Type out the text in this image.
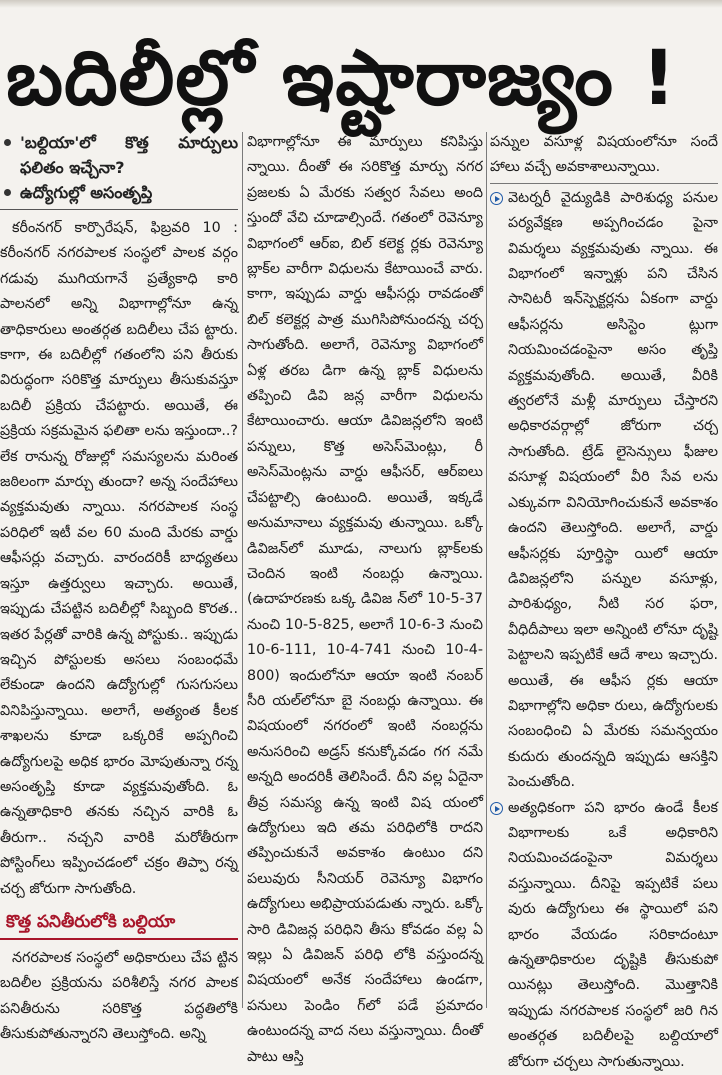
బదిలీల్లో ఇష్టారాజ్యం !
'బల్దియా'లో కొత్త మార్పులు ఫలితం ఇచ్చేనా?
ఉద్యోగుల్లో అసంతృప్తి

కరీంనగర్ కార్పొరేషన్, ఫిబ్రవరి 10 : కరీంనగర్ నగరపాలక సంస్థలో పాలక వర్గం గడువు ముగియగానే ప్రత్యేకాధి కారి పాలనలో అన్ని విభాగాల్లోనూ ఉన్న తాధికారులు అంతర్గత బదిలీలు చేప ట్టారు. కాగా, ఈ బదిలీల్లో గతంలోని పని తీరుకు విరుద్ధంగా సరికొత్త మార్పులు తీసుకువస్తూ బదిలీ ప్రక్రియ చేపట్టారు. అయితే, ఈ ప్రక్రియ సక్రమమైన ఫలితా లను ఇస్తుందా..? లేక రానున్న రోజుల్లో సమస్యలను మరింత జఠిలంగా మార్చు తుందా? అన్న సందేహాలు వ్యక్తమవుతు న్నాయి. నగరపాలక సంస్థ పరిధిలో ఇటీ వల 60 మంది మేరకు వార్డు ఆఫీసర్లు వచ్చారు. వారందరికీ బాధ్యతలు ఇస్తూ ఉత్తర్వులు ఇచ్చారు. అయితే, ఇప్పుడు చేపట్టిన బదిలీల్లో సిబ్బంది కొరత.. ఇతర పేర్లతో వారికి ఉన్న పోస్టుకు.. ఇప్పుడు ఇచ్చిన పోస్టులకు అసలు సంబంధమే లేకుండా ఉందని ఉద్యోగుల్లో గుసగుసలు వినిపిస్తున్నాయి. అలాగే, అత్యంత కీలక శాఖలను కూడా ఒక్కరికే అప్పగించి ఉద్యోగులపై అధిక భారం మోపుతున్నా రన్న అసంతృప్తి కూడా వ్యక్తమవుతోంది. ఓ ఉన్నతాధికారి తనకు నచ్చిన వారికి ఓ తీరుగా.. నచ్చని వారికి మరోతీరుగా పోస్టింగ్‌లు ఇప్పించడంలో చక్రం తిప్పా రన్న చర్చ జోరుగా సాగుతోంది.

కొత్త పనితీరులోకి బల్దియా

నగరపాలక సంస్థలో అధికారులు చేప ట్టిన బదిలీల ప్రక్రియను పరిశీలిస్తే నగర పాలక పనితీరును సరికొత్త పద్ధతిలోకి తీసుకుపోతున్నారని తెలుస్తోంది. అన్ని

విభాగాల్లోనూ ఈ మార్పులు కనిపిస్తు న్నాయి. దీంతో ఈ సరికొత్త మార్పు నగర ప్రజలకు ఏ మేరకు సత్వర సేవలు అంది స్తుందో వేచి చూడాల్సిందే. గతంలో రెవెన్యూ విభాగంలో ఆర్‌ఐ, బిల్ కలెక్ట ర్లకు రెవెన్యూ బ్లాక్‌ల వారీగా విధులను కేటాయించే వారు. కాగా, ఇప్పుడు వార్డు ఆఫీసర్లు రావడంతో బిల్ కలెక్టర్ల పాత్ర ముగిసిపోనుందన్న చర్చ సాగుతోంది. అలాగే, రెవెన్యూ విభాగంలో ఏళ్ల తరబ డిగా ఉన్న బ్లాక్ విధులను తప్పించి డివి జన్ల వారీగా విధులను కేటాయించారు. ఆయా డివిజన్లలోని ఇంటి పన్నులు, కొత్త అసెస్‌మెంట్లు, రీ అసెస్‌మెంట్లను వార్డు ఆఫీసర్, ఆర్‌ఐలు చేపట్టాల్సి ఉంటుంది. అయితే, ఇక్కడే అనుమానాలు వ్యక్తమవు తున్నాయి. ఒక్కో డివిజన్‌లో మూడు, నాలుగు బ్లాక్‌లకు చెందిన ఇంటి నంబర్లు ఉన్నాయి. (ఉదాహరణకు ఒక్క డివిజ న్‌లో 10-5-37 నుంచి 10-5-825, అలాగే 10-6-3 నుంచి 10-6-111, 10-4-741 నుంచి 10-4-800) ఇందులోనూ ఆయా ఇంటి నంబర్ సీరి యల్‌లోనూ బై నంబర్లు ఉన్నాయి. ఈ విషయంలో నగరంలో ఇంటి నంబర్లను అనుసరించి అడ్రస్ కనుక్కోవడం గగ నమే అన్నది అందరికీ తెలిసిందే. దీని వల్ల ఏదైనా తీవ్ర సమస్య ఉన్న ఇంటి విష యంలో ఉద్యోగులు ఇది తమ పరిధిలోకి రాదని తప్పించుకునే అవకాశం ఉంటుం దని పలువురు సీనియర్ రెవెన్యూ విభాగం ఉద్యోగులు అభిప్రాయపడుతు న్నారు. ఒక్కో సారి డివిజన్ల పరిధిని తీసు కోవడం వల్ల ఏ ఇల్లు ఏ డివిజన్ పరిధి లోకి వస్తుందన్న విషయంలో అనేక సందేహాలు ఉండగా, పనులు పెండిం గ్‌లో పడే ప్రమాదం ఉంటుందన్న వాద నలు వస్తున్నాయి. దీంతో పాటు ఆస్తి

పన్నుల వసూళ్ల విషయంలోనూ సందే హాలు వచ్చే అవకాశాలున్నాయి.

వెటర్నరీ వైద్యుడికి పారిశుధ్య పనుల పర్యవేక్షణ అప్పగించడం పైనా విమర్శలు వ్యక్తమవుతు న్నాయి. ఈ విభాగంలో ఇన్నాళ్లు పని చేసిన సానిటరీ ఇన్‌స్పెక్టర్లను ఏకంగా వార్డు ఆఫీసర్లను అసిస్టెం ట్లుగా నియమించడంపైనా అసం తృప్తి వ్యక్తమవుతోంది. అయితే, వీరికి త్వరలోనే మళ్లీ మార్పులు చేస్తారని అధికారవర్గాల్లో జోరుగా చర్చ సాగుతోంది. ట్రేడ్ లైసెన్సులు ఫీజుల వసూళ్ల విషయంలో వీరి సేవ లను ఎక్కువగా వినియోగించుకునే అవకాశం ఉందని తెలుస్తోంది. అలాగే, వార్డు ఆఫీసర్లకు పూర్తిస్థా యిలో ఆయా డివిజన్లలోని పన్నుల వసూళ్లు, పారిశుధ్యం, నీటి సర ఫరా, వీధిదీపాలు ఇలా అన్నింటి లోనూ దృష్టి పెట్టాలని ఇప్పటికే ఆదే శాలు ఇచ్చారు. అయితే, ఈ ఆఫీస ర్లకు ఆయా విభాగాల్లోని అధికా రులు, ఉద్యోగులకు సంబంధించి ఏ మేరకు సమన్వయం కుదురు తుందన్నది ఇప్పుడు ఆసక్తిని పెంచుతోంది.

అత్యధికంగా పని భారం ఉండే కీలక విభాగాలకు ఒకే అధికారిని నియమించడంపైనా విమర్శలు వస్తున్నాయి. దీనిపై ఇప్పటికే పలు వురు ఉద్యోగులు ఈ స్థాయిలో పని భారం వేయడం సరికాదంటూ ఉన్నతాధికారుల దృష్టికి తీసుకుపో యినట్లు తెలుస్తోంది. మొత్తానికి ఇప్పుడు నగరపాలక సంస్థలో జరి గిన అంతర్గత బదిలీలపై బల్దియాలో జోరుగా చర్చలు సాగుతున్నాయి.
